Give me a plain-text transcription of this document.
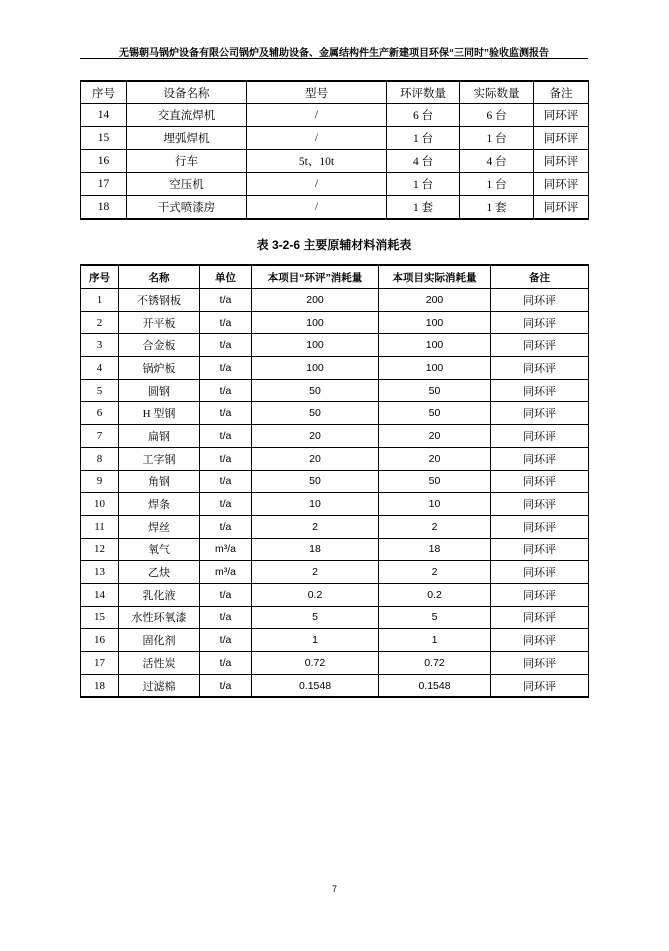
无锡朝马锅炉设备有限公司锅炉及辅助设备、金属结构件生产新建项目环保“三同时”验收监测报告
序号	设备名称	型号	环评数量	实际数量	备注
14	交直流焊机	/	6 台	6 台	同环评
15	埋弧焊机	/	1 台	1 台	同环评
16	行车	5t、10t	4 台	4 台	同环评
17	空压机	/	1 台	1 台	同环评
18	干式喷漆房	/	1 套	1 套	同环评
表 3-2-6 主要原辅材料消耗表
序号	名称	单位	本项目“环评”消耗量	本项目实际消耗量	备注
1	不锈钢板	t/a	200	200	同环评
2	开平板	t/a	100	100	同环评
3	合金板	t/a	100	100	同环评
4	锅炉板	t/a	100	100	同环评
5	圆钢	t/a	50	50	同环评
6	H 型钢	t/a	50	50	同环评
7	扁钢	t/a	20	20	同环评
8	工字钢	t/a	20	20	同环评
9	角钢	t/a	50	50	同环评
10	焊条	t/a	10	10	同环评
11	焊丝	t/a	2	2	同环评
12	氧气	m³/a	18	18	同环评
13	乙炔	m³/a	2	2	同环评
14	乳化液	t/a	0.2	0.2	同环评
15	水性环氧漆	t/a	5	5	同环评
16	固化剂	t/a	1	1	同环评
17	活性炭	t/a	0.72	0.72	同环评
18	过滤棉	t/a	0.1548	0.1548	同环评
7
